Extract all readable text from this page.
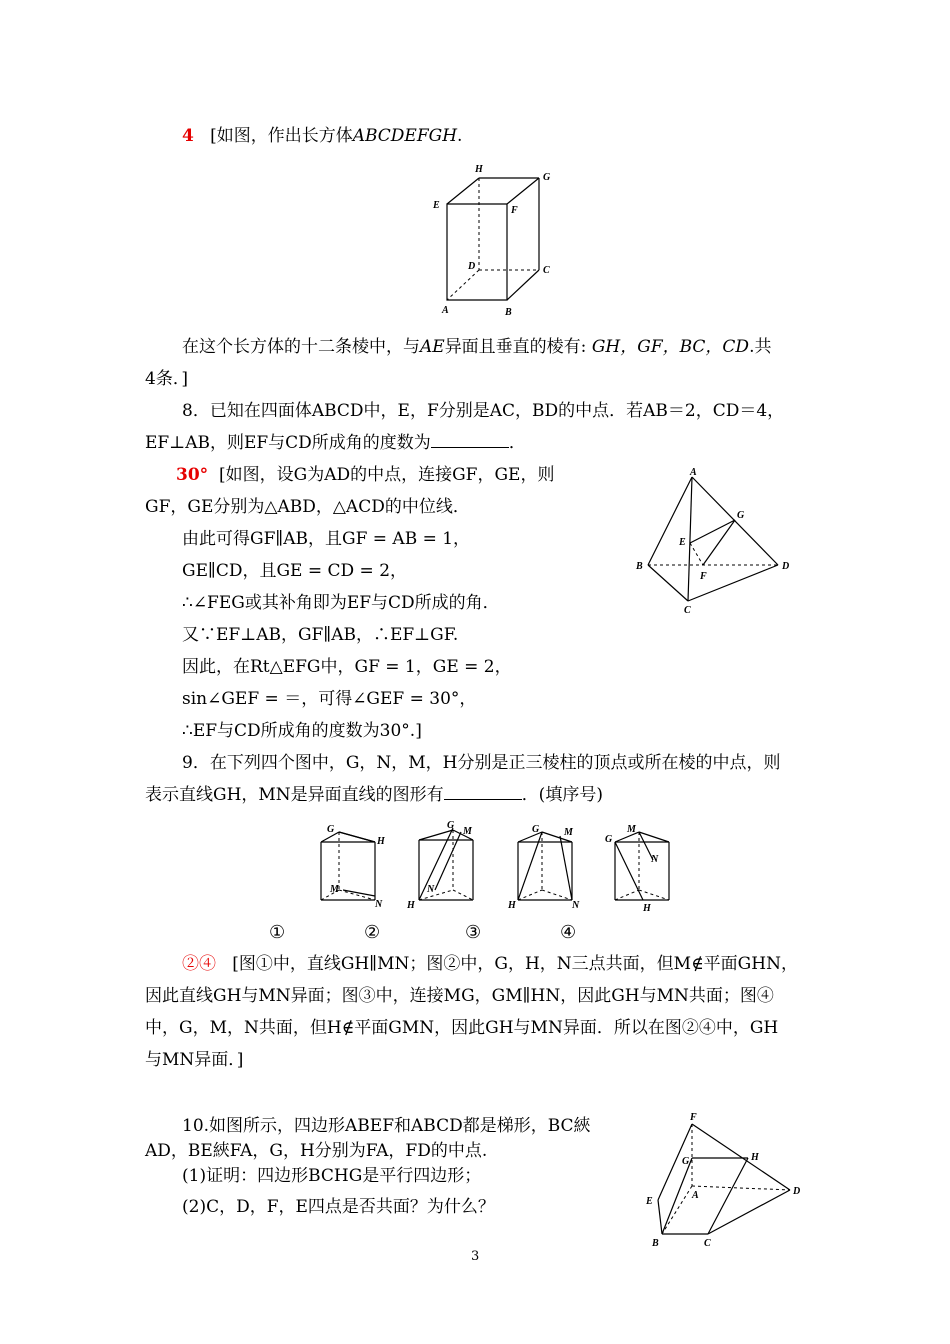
4 [如图，作出长方体ABCDEFGH.
H
G
E	F
D	C
A	B
在这个长方体的十二条棱中，与AE异面且垂直的棱有: GH，GF，BC，CD.共
4条．]
8．已知在四面体ABCD中，E，F分别是AC，BD的中点．若AB＝2，CD＝4，
EF⊥AB，则EF与CD所成角的度数为	．
30° [如图，设G为AD的中点，连接GF，GE，则
GF，GE分别为△ABD，△ACD的中位线．
由此可得GF∥AB，且GF = AB = 1，
GE∥CD，且GE = CD = 2，
∴∠FEG或其补角即为EF与CD所成的角．
又∵EF⊥AB，GF∥AB，∴EF⊥GF.
因此，在Rt△EFG中，GF = 1，GE = 2，
sin∠GEF = ＝，可得∠GEF = 30°，
∴EF与CD所成角的度数为30°.]
A
G
E
B
F
D
C
9．在下列四个图中，G，N，M，H分别是正三棱柱的顶点或所在棱的中点，则
表示直线GH，MN是异面直线的图形有	．(填序号)
G
H
M
N
G
M
N
H
G M
H	N
M
G
N
H
①	②	③	④
②④ [图①中，直线GH∥MN；图②中，G，H，N三点共面，但M∉平面GHN，
因此直线GH与MN异面；图③中，连接MG，GM∥HN，因此GH与MN共面；图④
中，G，M，N共面，但H∉平面GMN，因此GH与MN异面．所以在图②④中，GH
与MN异面．]
10.如图所示，四边形ABEF和ABCD都是梯形，BC綊
AD，BE綊FA，G，H分别为FA，FD的中点.
(1)证明：四边形BCHG是平行四边形；
(2)C，D，F，E四点是否共面？为什么？
F
G	H
A
E
D
B	C
3
